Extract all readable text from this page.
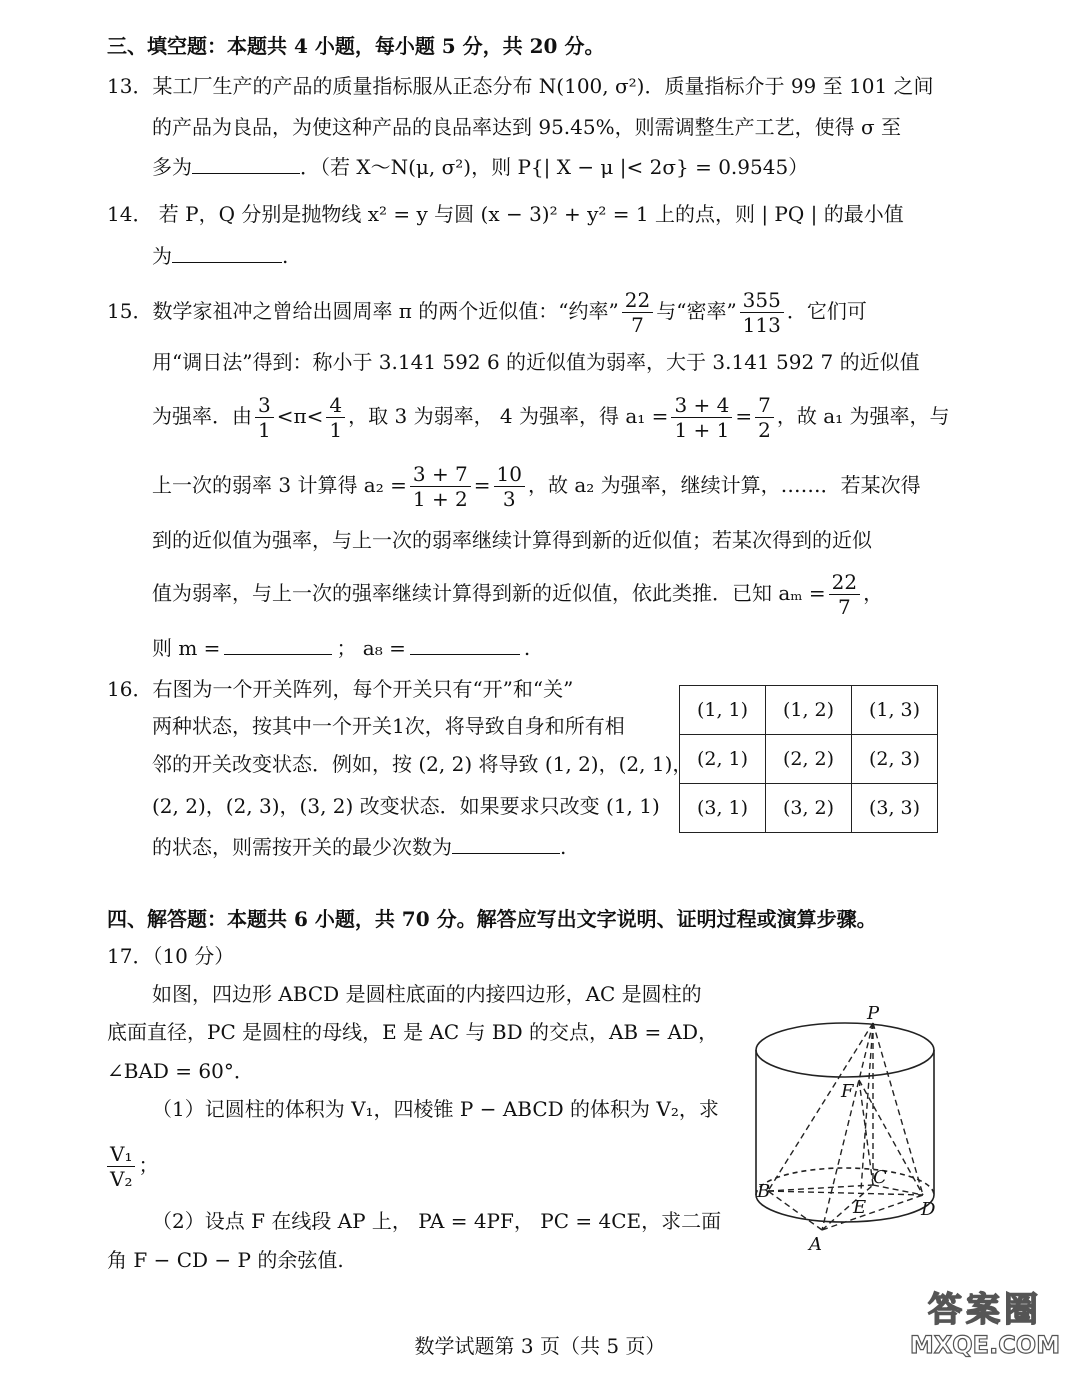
三、填空题：本题共 4 小题，每小题 5 分，共 20 分。
13．某工厂生产的产品的质量指标服从正态分布 N(100, σ²)．质量指标介于 99 至 101 之间
的产品为良品，为使这种产品的良品率达到 95.45%，则需调整生产工艺，使得 σ 至
多为	．（若 X～N(μ, σ²)，则 P{| X − μ |< 2σ} = 0.9545）
14． 若 P，Q 分别是抛物线 x² = y 与圆 (x − 3)² + y² = 1 上的点，则 | PQ | 的最小值
为	.
15．数学家祖冲之曾给出圆周率 π 的两个近似值：“约率” $\frac{22}{7}$ 与“密率” $\frac{355}{113}$ ．它们可
用“调日法”得到：称小于 3.141 592 6 的近似值为弱率，大于 3.141 592 7 的近似值
为强率．由 $\frac{3}{1} <\pi< \frac{4}{1}$ ，取 3 为弱率， 4 为强率，得 $a_1 = \frac{3 + 4}{1 + 1} = \frac{7}{2}$ ，故 a₁ 为强率，与
上一次的弱率 3 计算得 $a_2 = \frac{3 + 7}{1 + 2} = \frac{10}{3}$ ，故 a₂ 为强率，继续计算，……．若某次得
到的近似值为强率，与上一次的弱率继续计算得到新的近似值；若某次得到的近似
值为弱率，与上一次的强率继续计算得到新的近似值，依此类推．已知 $a_m = \frac{22}{7}$ ，
则 m =	； a₈ =	.
16．右图为一个开关阵列，每个开关只有“开”和“关”
两种状态，按其中一个开关1次，将导致自身和所有相
邻的开关改变状态．例如，按 (2, 2) 将导致 (1, 2)，(2, 1)，
(2, 2)，(2, 3)，(3, 2) 改变状态．如果要求只改变 (1, 1)
的状态，则需按开关的最少次数为	.
(1, 1)	(1, 2)	(1, 3)
(2, 1)	(2, 2)	(2, 3)
(3, 1)	(3, 2)	(3, 3)
四、解答题：本题共 6 小题，共 70 分。解答应写出文字说明、证明过程或演算步骤。
17．（10 分）
如图，四边形 ABCD 是圆柱底面的内接四边形，AC 是圆柱的
底面直径，PC 是圆柱的母线，E 是 AC 与 BD 的交点，AB = AD，
∠BAD = 60°．
（1）记圆柱的体积为 V₁，四棱锥 P − ABCD 的体积为 V₂，求
$\frac{\text{V₁}}{\text{V₂}}$ ；
（2）设点 F 在线段 AP 上， PA = 4PF， PC = 4CE，求二面
角 F − CD − P 的余弦值.
P
F
C
B
E	D
A
数学试题第 3 页（共 5 页）
答案圈
MXQE.COM
